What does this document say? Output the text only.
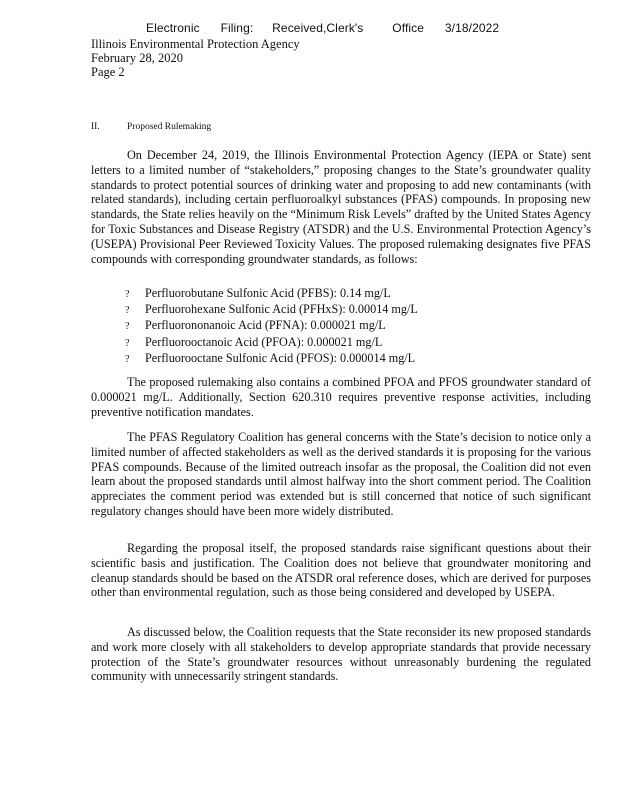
Electronic Filing: Received,Clerk's Office 3/18/2022
Illinois Environmental Protection Agency
February 28, 2020
Page 2
II.	Proposed Rulemaking

On December 24, 2019, the Illinois Environmental Protection Agency (IEPA or State) sent letters to a limited number of “stakeholders,” proposing changes to the State’s groundwater quality standards to protect potential sources of drinking water and proposing to add new contaminants (with related standards), including certain perfluoroalkyl substances (PFAS) compounds. In proposing new standards, the State relies heavily on the “Minimum Risk Levels” drafted by the United States Agency for Toxic Substances and Disease Registry (ATSDR) and the U.S. Environmental Protection Agency’s (USEPA) Provisional Peer Reviewed Toxicity Values. The proposed rulemaking designates five PFAS compounds with corresponding groundwater standards, as follows:

? Perfluorobutane Sulfonic Acid (PFBS): 0.14 mg/L
? Perfluorohexane Sulfonic Acid (PFHxS): 0.00014 mg/L
? Perfluorononanoic Acid (PFNA): 0.000021 mg/L
? Perfluorooctanoic Acid (PFOA): 0.000021 mg/L
? Perfluorooctane Sulfonic Acid (PFOS): 0.000014 mg/L

The proposed rulemaking also contains a combined PFOA and PFOS groundwater standard of 0.000021 mg/L. Additionally, Section 620.310 requires preventive response activities, including preventive notification mandates.

The PFAS Regulatory Coalition has general concerns with the State’s decision to notice only a limited number of affected stakeholders as well as the derived standards it is proposing for the various PFAS compounds. Because of the limited outreach insofar as the proposal, the Coalition did not even learn about the proposed standards until almost halfway into the short comment period. The Coalition appreciates the comment period was extended but is still concerned that notice of such significant regulatory changes should have been more widely distributed.

Regarding the proposal itself, the proposed standards raise significant questions about their scientific basis and justification. The Coalition does not believe that groundwater monitoring and cleanup standards should be based on the ATSDR oral reference doses, which are derived for purposes other than environmental regulation, such as those being considered and developed by USEPA.

As discussed below, the Coalition requests that the State reconsider its new proposed standards and work more closely with all stakeholders to develop appropriate standards that provide necessary protection of the State’s groundwater resources without unreasonably burdening the regulated community with unnecessarily stringent standards.
